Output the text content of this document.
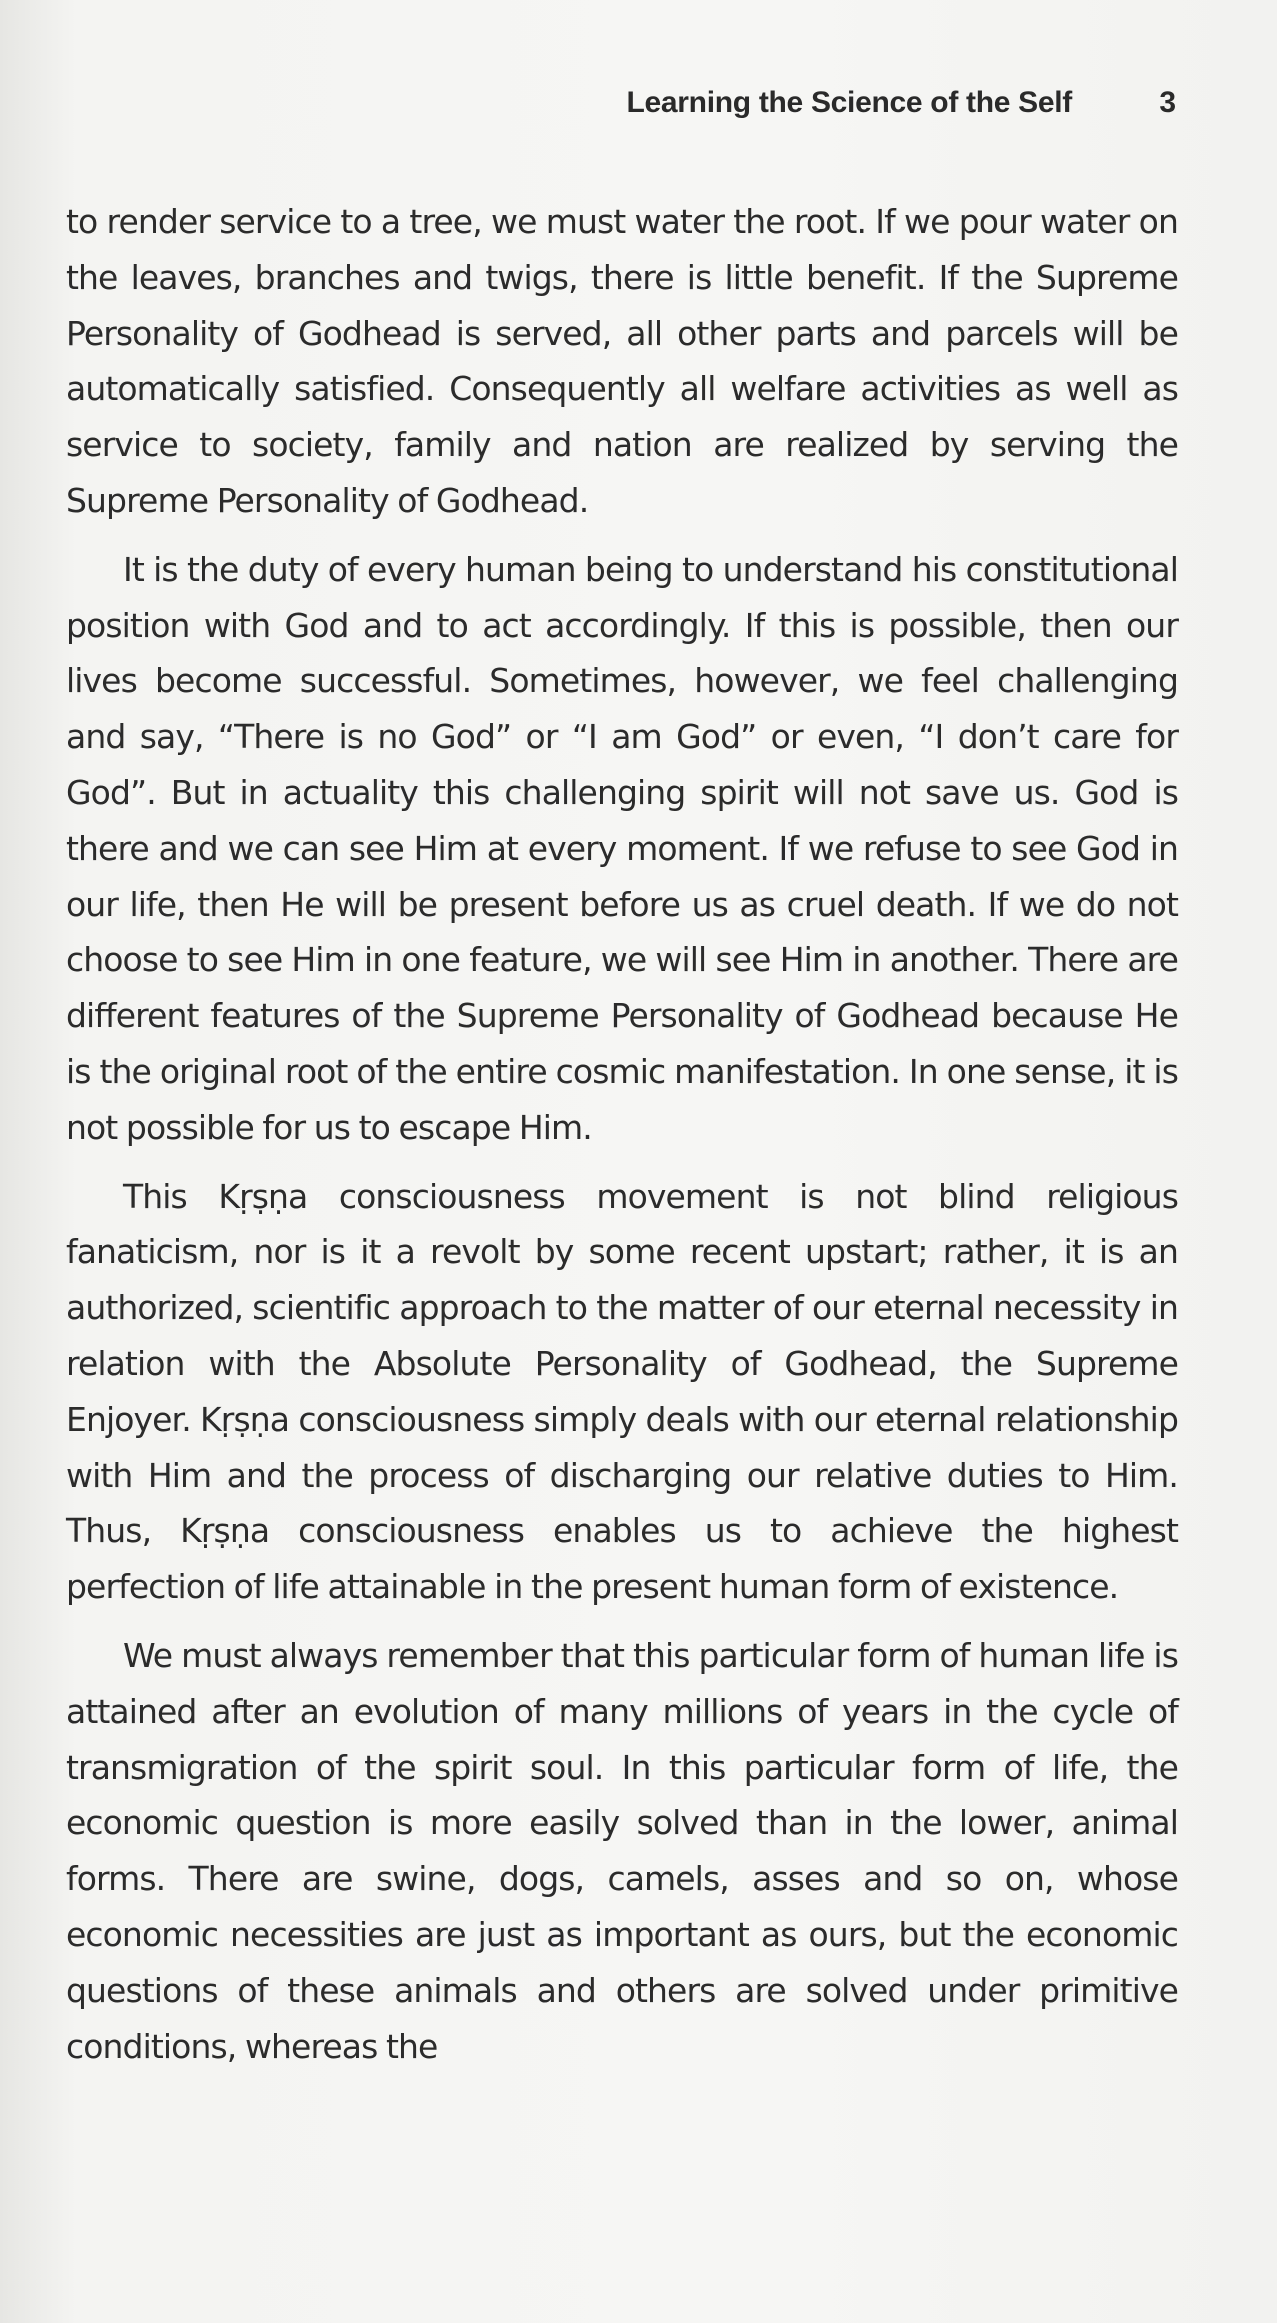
Learning the Science of the Self	3

to render service to a tree, we must water the root. If we pour water on the leaves, branches and twigs, there is little benefit. If the Supreme Personality of Godhead is served, all other parts and parcels will be automatically satisfied. Consequently all welfare activities as well as service to society, family and nation are realized by serving the Supreme Personality of Godhead.

It is the duty of every human being to understand his constitutional position with God and to act accordingly. If this is possible, then our lives become successful. Sometimes, however, we feel challenging and say, “There is no God” or “I am God” or even, “I don’t care for God”. But in actuality this challenging spirit will not save us. God is there and we can see Him at every moment. If we refuse to see God in our life, then He will be present before us as cruel death. If we do not choose to see Him in one feature, we will see Him in another. There are different features of the Supreme Personality of Godhead because He is the original root of the entire cosmic manifestation. In one sense, it is not possible for us to escape Him.

This Kṛṣṇa consciousness movement is not blind religious fanaticism, nor is it a revolt by some recent upstart; rather, it is an authorized, scientific approach to the matter of our eternal necessity in relation with the Absolute Personality of Godhead, the Supreme Enjoyer. Kṛṣṇa consciousness simply deals with our eternal relationship with Him and the process of discharging our relative duties to Him. Thus, Kṛṣṇa consciousness enables us to achieve the highest perfection of life attainable in the present human form of existence.

We must always remember that this particular form of human life is attained after an evolution of many millions of years in the cycle of transmigration of the spirit soul. In this particular form of life, the economic question is more easily solved than in the lower, animal forms. There are swine, dogs, camels, asses and so on, whose economic necessities are just as important as ours, but the economic questions of these animals and others are solved under primitive conditions, whereas the
